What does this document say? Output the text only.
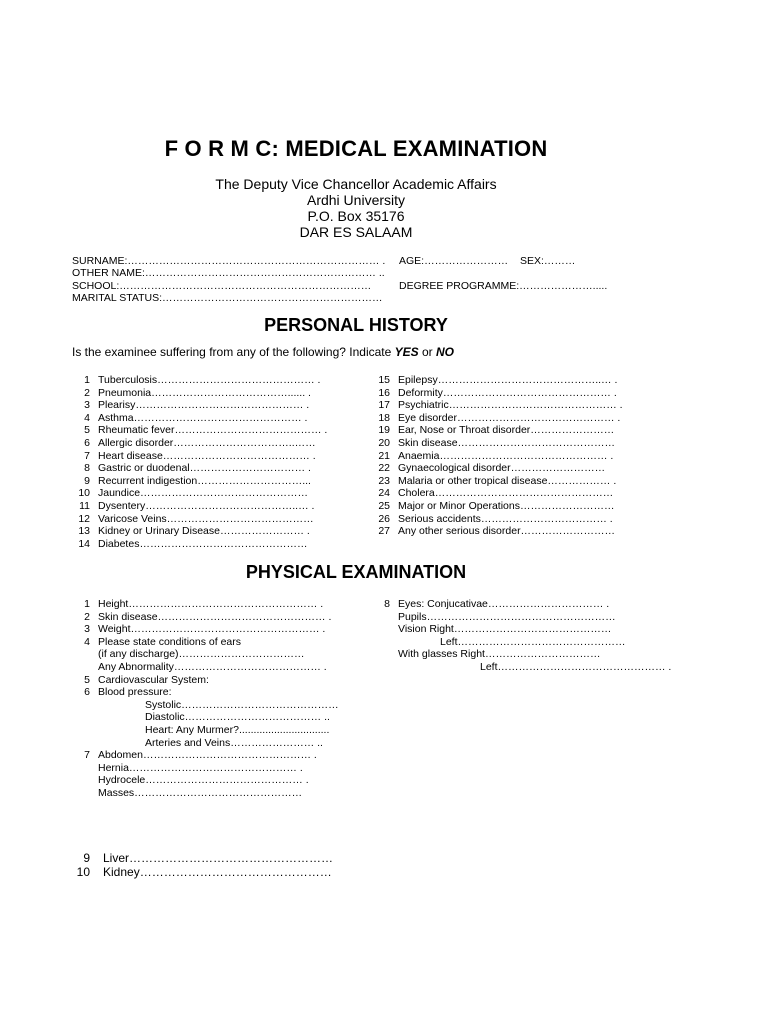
F O R M C: MEDICAL EXAMINATION
The Deputy Vice Chancellor Academic Affairs
Ardhi University
P.O. Box 35176
DAR ES SALAAM
SURNAME:……………………………………………………………… .
OTHER NAME:………………………………………………………… ..
SCHOOL:………………………………………………………………
MARITAL STATUS:………………………………………………………
AGE:…………………… SEX:………
DEGREE PROGRAMME:………………….....
PERSONAL HISTORY
Is the examinee suffering from any of the following? Indicate YES or NO
1 Tuberculosis……………………………………… .
2 Pneumonia…………………………………...... .
3 Plearisy………………………………………… .
4 Asthma………………………………………… .
5 Rheumatic fever…………………………………… .
6 Allergic disorder……………………………..……
7 Heart disease…………………………………… .
8 Gastric or duodenal…………………………… .
9 Recurrent indigestion…………………………...
10 Jaundice…………………………………………
11 Dysentery……………………………………..… .
12 Varicose Veins……………………………………
13 Kidney or Urinary Disease…………………… .
14 Diabetes…………………………………………
15 Epilepsy………………………………………..… .
16 Deformity………………………………………… .
17 Psychiatric………………………………………… .
18 Eye disorder……………………………………… .
19 Ear, Nose or Throat disorder……………………
20 Skin disease………………………………………
21 Anaemia………………………………………… .
22 Gynaecological disorder………………………
23 Malaria or other tropical disease……………… .
24 Cholera……………………………………………
25 Major or Minor Operations………………………
26 Serious accidents……………………………… .
27 Any other serious disorder………………………
PHYSICAL EXAMINATION
1 Height……………………………………………… .
2 Skin disease………………………………………… .
3 Weight……………………………………………… .
4 Please state conditions of ears
(if any discharge)………………………………
Any Abnormality…………………………………… .
5 Cardiovascular System:
6 Blood pressure:
Systolic………………………………………
Diastolic………………………………… ..
Heart: Any Murmer?...............................
Arteries and Veins…………………… ..
7 Abdomen………………………………………… .
Hernia………………………………………… .
Hydrocele……………………………………… .
Masses…………………………………………
8 Eyes: Conjucativae…………………………… .
Pupils………………………………………………
Vision Right………………………………………
Left…………………………………………
With glasses Right……………………………
Left………………………………………… .
9 Liver……………………………………………
10 Kidney…………………………………………
